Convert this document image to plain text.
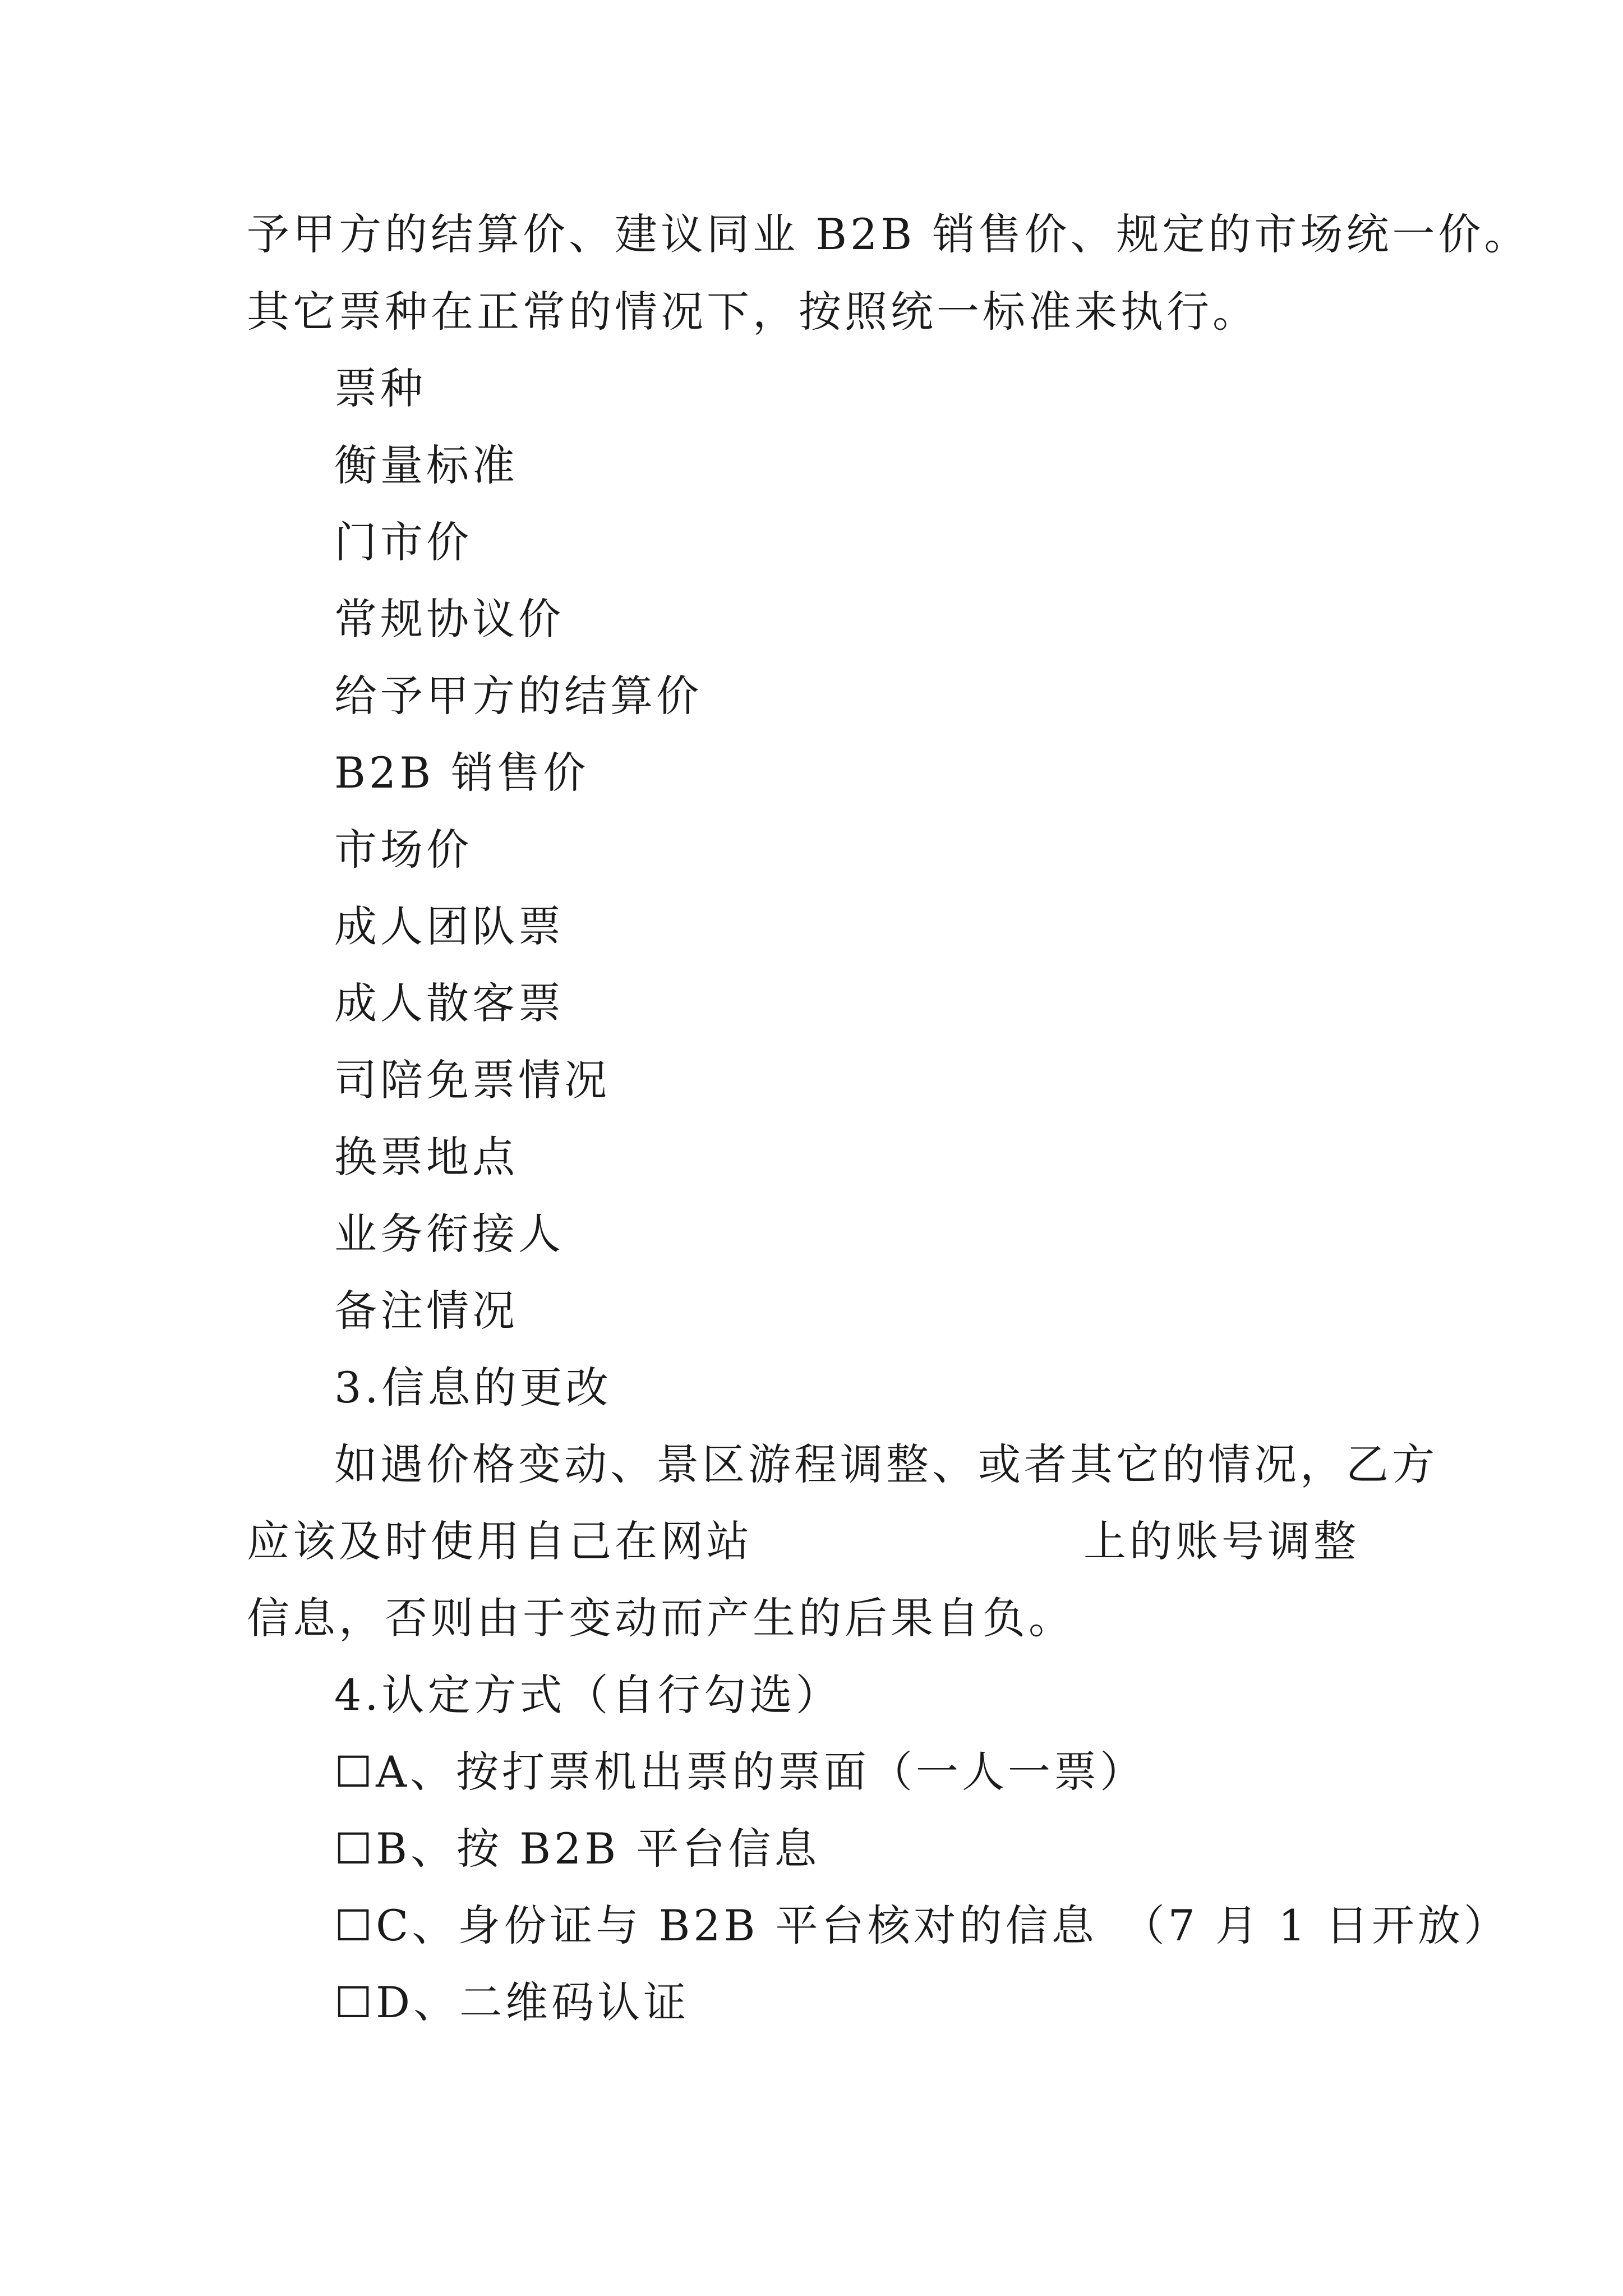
予甲方的结算价、建议同业 B2B 销售价、规定的市场统一价。
其它票种在正常的情况下，按照统一标准来执行。
票种
衡量标准
门市价
常规协议价
给予甲方的结算价
B2B 销售价
市场价
成人团队票
成人散客票
司陪免票情况
换票地点
业务衔接人
备注情况
3.信息的更改
如遇价格变动、景区游程调整、或者其它的情况，乙方
应该及时使用自己在网站	上的账号调整
信息，否则由于变动而产生的后果自负。
4.认定方式（自行勾选）
☐A、按打票机出票的票面（一人一票）
☐B、按 B2B 平台信息
☐C、身份证与 B2B 平台核对的信息　（7 月 1 日开放）
☐D、二维码认证
